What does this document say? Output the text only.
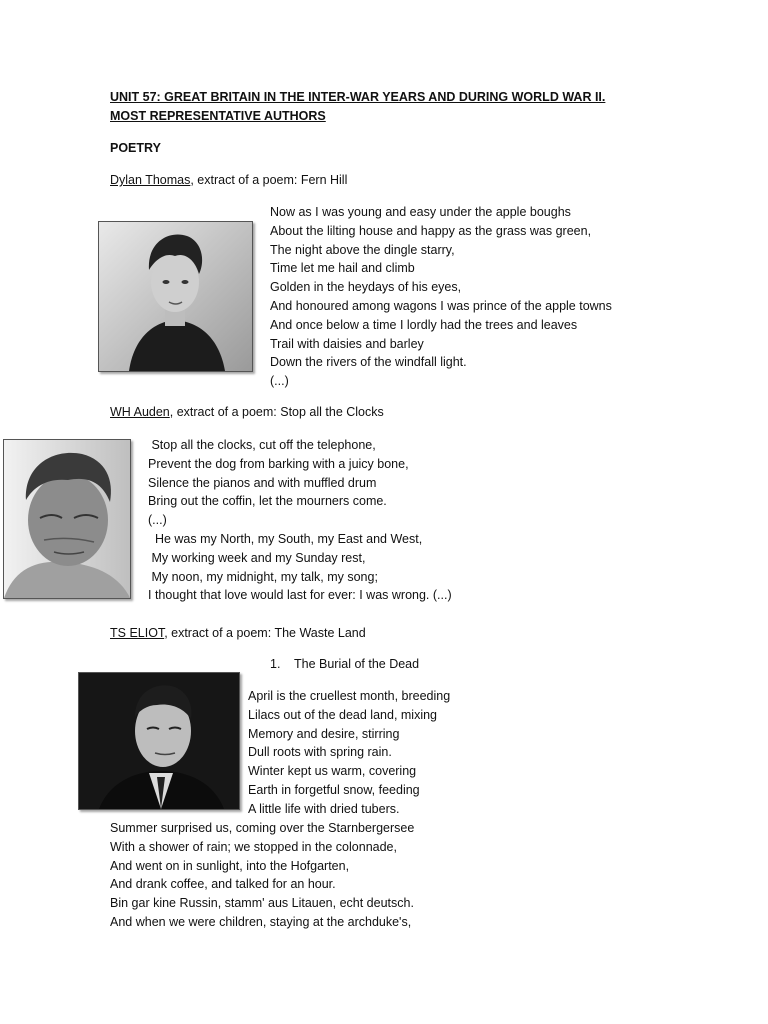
UNIT 57: GREAT BRITAIN IN THE INTER-WAR YEARS AND DURING WORLD WAR II.
MOST REPRESENTATIVE AUTHORS
POETRY
Dylan Thomas, extract of a poem: Fern Hill
Now as I was young and easy under the apple boughs
About the lilting house and happy as the grass was green,
The night above the dingle starry,
Time let me hail and climb
Golden in the heydays of his eyes,
And honoured among wagons I was prince of the apple towns
And once below a time I lordly had the trees and leaves
Trail with daisies and barley
Down the rivers of the windfall light.
(...)
WH Auden, extract of a poem: Stop all the Clocks
Stop all the clocks, cut off the telephone,
Prevent the dog from barking with a juicy bone,
Silence the pianos and with muffled drum
Bring out the coffin, let the mourners come.
(...)
He was my North, my South, my East and West,
My working week and my Sunday rest,
My noon, my midnight, my talk, my song;
I thought that love would last for ever: I was wrong. (...)
TS ELIOT, extract of a poem: The Waste Land
1. The Burial of the Dead
April is the cruellest month, breeding
Lilacs out of the dead land, mixing
Memory and desire, stirring
Dull roots with spring rain.
Winter kept us warm, covering
Earth in forgetful snow, feeding
A little life with dried tubers.
Summer surprised us, coming over the Starnbergersee
With a shower of rain; we stopped in the colonnade,
And went on in sunlight, into the Hofgarten,
And drank coffee, and talked for an hour.
Bin gar kine Russin, stamm' aus Litauen, echt deutsch.
And when we were children, staying at the archduke's,
